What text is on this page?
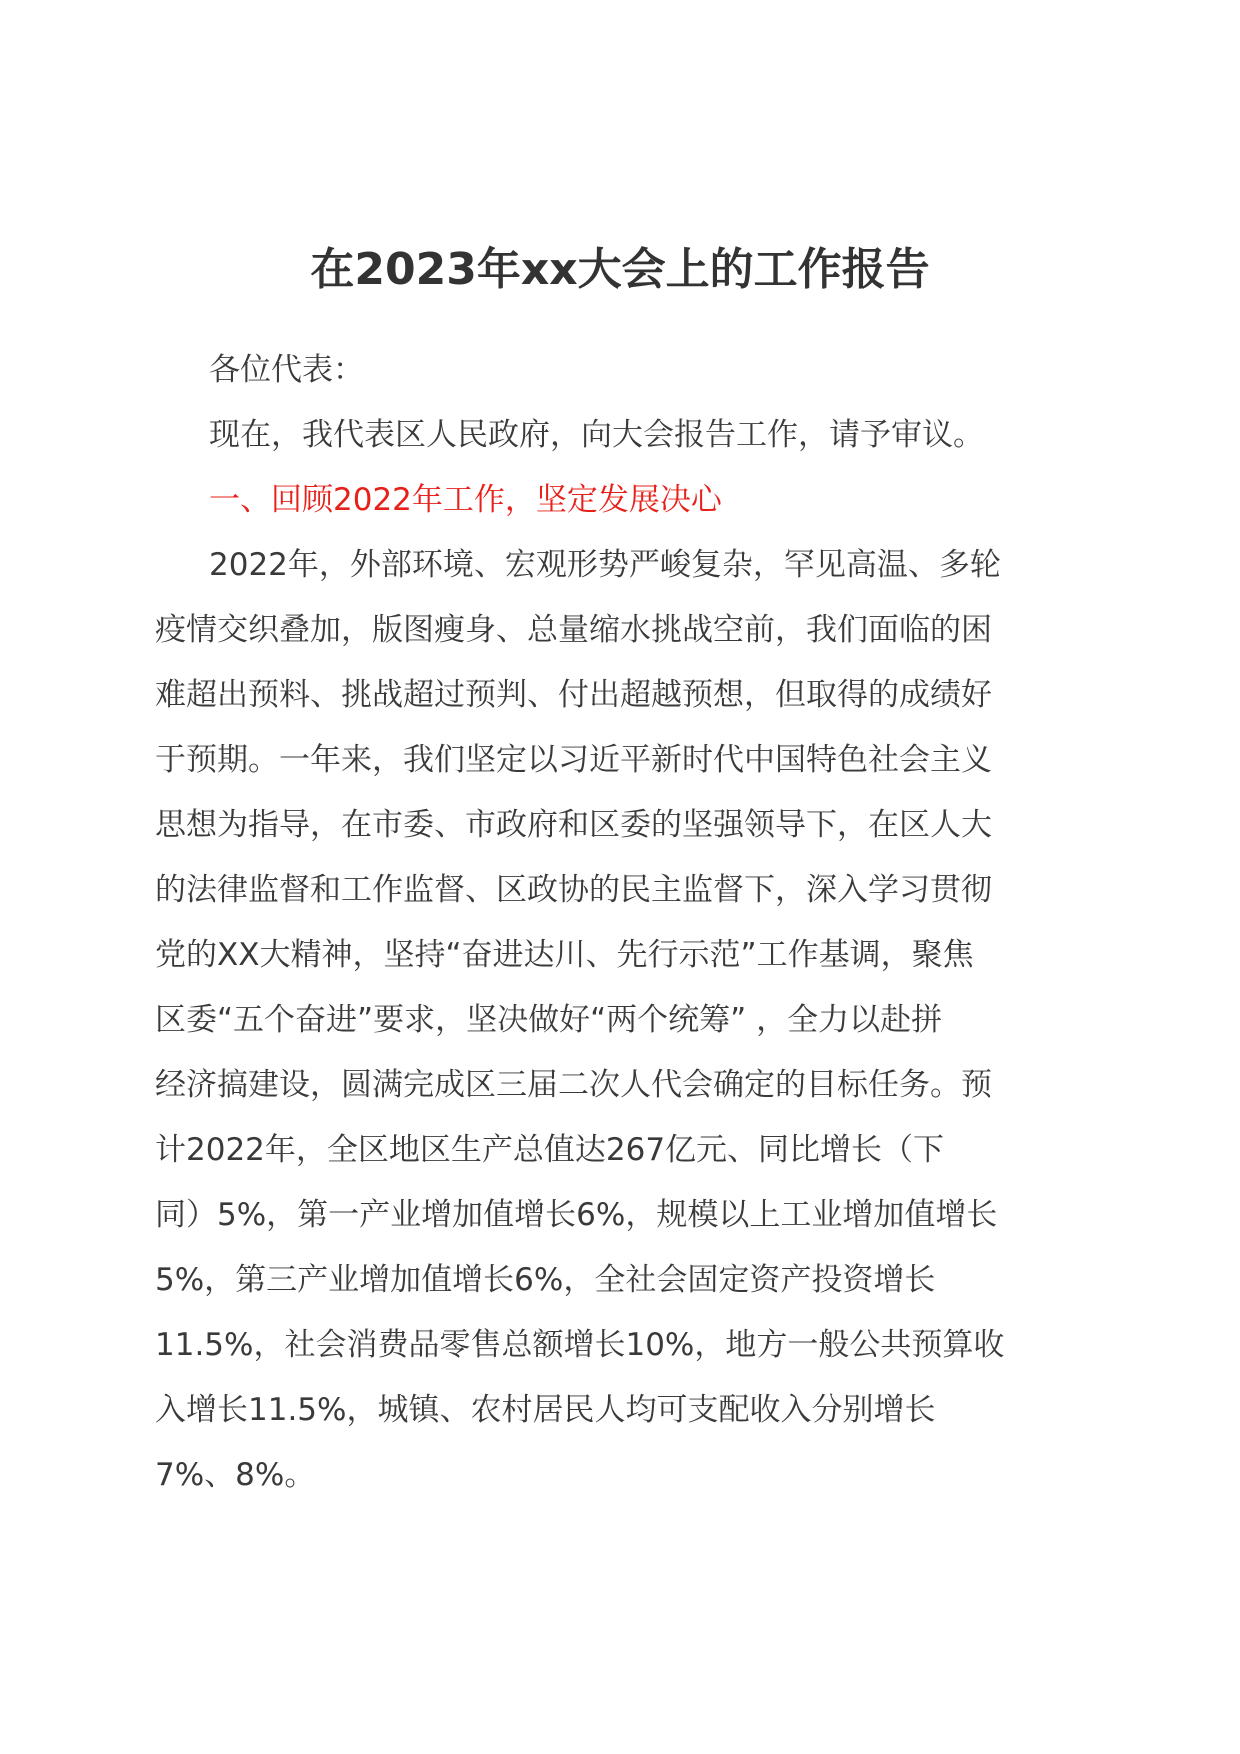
在2023年xx大会上的工作报告

各位代表：

现在，我代表区人民政府，向大会报告工作，请予审议。

一、回顾2022年工作，坚定发展决心

2022年，外部环境、宏观形势严峻复杂，罕见高温、多轮

疫情交织叠加，版图瘦身、总量缩水挑战空前，我们面临的困

难超出预料、挑战超过预判、付出超越预想，但取得的成绩好

于预期。一年来，我们坚定以习近平新时代中国特色社会主义

思想为指导，在市委、市政府和区委的坚强领导下，在区人大

的法律监督和工作监督、区政协的民主监督下，深入学习贯彻

党的XX大精神，坚持“奋进达川、先行示范”工作基调，聚焦

区委“五个奋进”要求，坚决做好“两个统筹” ，全力以赴拼

经济搞建设，圆满完成区三届二次人代会确定的目标任务。预

计2022年，全区地区生产总值达267亿元、同比增长（下

同）5%，第一产业增加值增长6%，规模以上工业增加值增长

5%，第三产业增加值增长6%，全社会固定资产投资增长

11.5%，社会消费品零售总额增长10%，地方一般公共预算收

入增长11.5%，城镇、农村居民人均可支配收入分别增长

7%、8%。
